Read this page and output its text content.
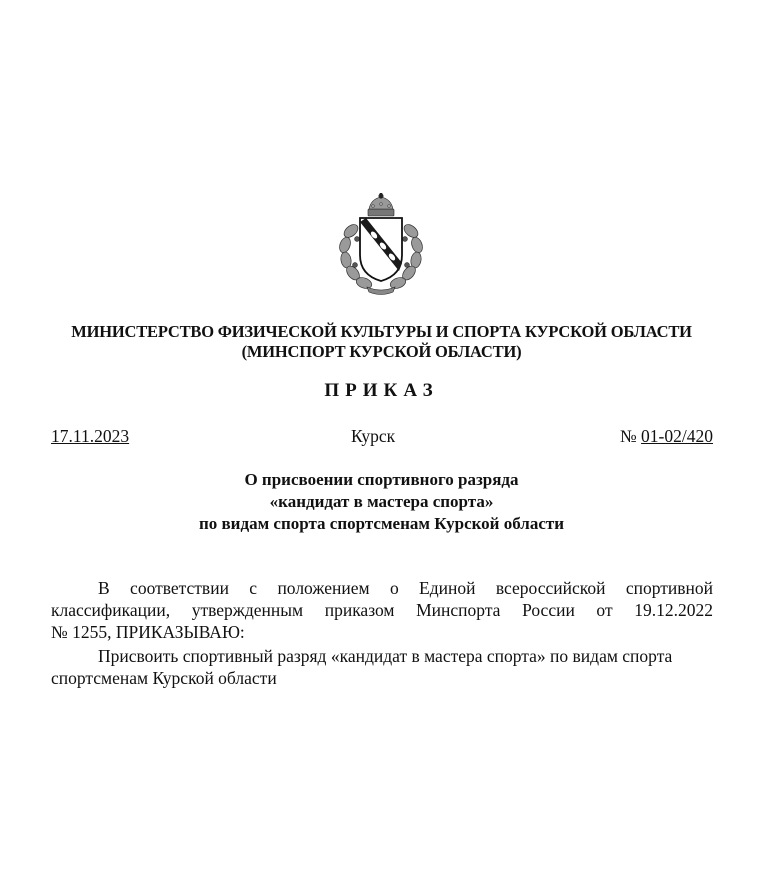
МИНИСТЕРСТВО ФИЗИЧЕСКОЙ КУЛЬТУРЫ И СПОРТА КУРСКОЙ ОБЛАСТИ
(МИНСПОРТ КУРСКОЙ ОБЛАСТИ)
ПРИКАЗ
17.11.2023	Курск	№ 01-02/420
О присвоении спортивного разряда
«кандидат в мастера спорта»
по видам спорта спортсменам Курской области
В соответствии с положением о Единой всероссийской спортивной
классификации, утвержденным приказом Минспорта России от 19.12.2022
№ 1255, ПРИКАЗЫВАЮ:
Присвоить спортивный разряд «кандидат в мастера спорта» по видам спорта
спортсменам Курской области
